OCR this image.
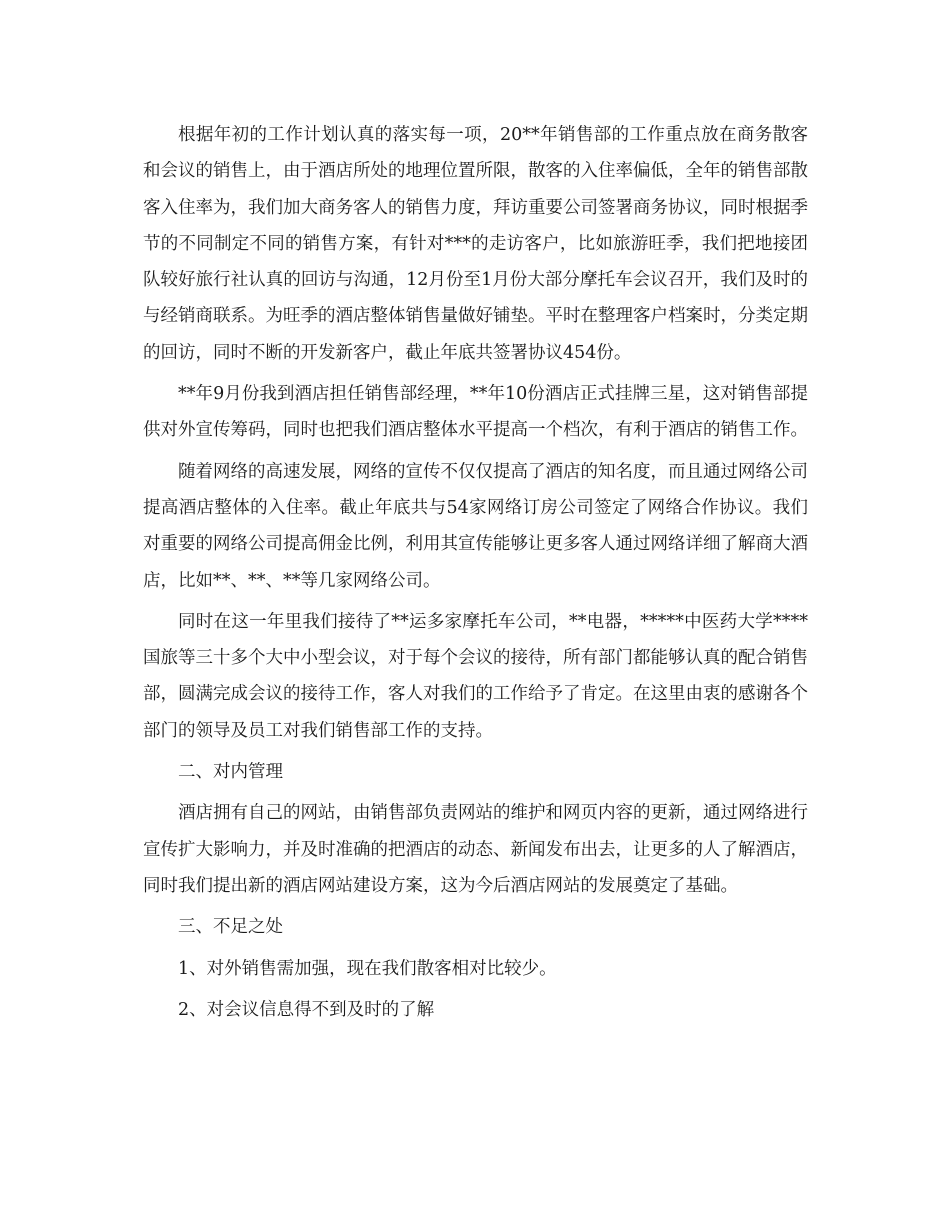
根据年初的工作计划认真的落实每一项，20**年销售部的工作重点放在商务散客和会议的销售上，由于酒店所处的地理位置所限，散客的入住率偏低，全年的销售部散客入住率为，我们加大商务客人的销售力度，拜访重要公司签署商务协议，同时根据季节的不同制定不同的销售方案，有针对***的走访客户，比如旅游旺季，我们把地接团队较好旅行社认真的回访与沟通，12月份至1月份大部分摩托车会议召开，我们及时的与经销商联系。为旺季的酒店整体销售量做好铺垫。平时在整理客户档案时，分类定期的回访，同时不断的开发新客户，截止年底共签署协议454份。

**年9月份我到酒店担任销售部经理，**年10份酒店正式挂牌三星，这对销售部提供对外宣传筹码，同时也把我们酒店整体水平提高一个档次，有利于酒店的销售工作。

随着网络的高速发展，网络的宣传不仅仅提高了酒店的知名度，而且通过网络公司提高酒店整体的入住率。截止年底共与54家网络订房公司签定了网络合作协议。我们对重要的网络公司提高佣金比例，利用其宣传能够让更多客人通过网络详细了解商大酒店，比如**、**、**等几家网络公司。

同时在这一年里我们接待了**运多家摩托车公司，**电器，*****中医药大学****国旅等三十多个大中小型会议，对于每个会议的接待，所有部门都能够认真的配合销售部，圆满完成会议的接待工作，客人对我们的工作给予了肯定。在这里由衷的感谢各个部门的领导及员工对我们销售部工作的支持。

二、对内管理

酒店拥有自己的网站，由销售部负责网站的维护和网页内容的更新，通过网络进行宣传扩大影响力，并及时准确的把酒店的动态、新闻发布出去，让更多的人了解酒店，同时我们提出新的酒店网站建设方案，这为今后酒店网站的发展奠定了基础。

三、不足之处

1、对外销售需加强，现在我们散客相对比较少。

2、对会议信息得不到及时的了解
